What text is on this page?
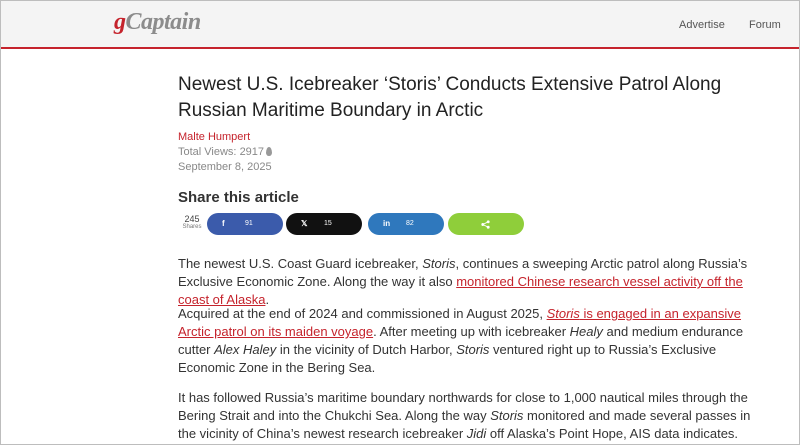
gCaptain	Advertise Forum
Newest U.S. Icebreaker ‘Storis’ Conducts Extensive Patrol Along Russian Maritime Boundary in Arctic
Malte Humpert
Total Views: 2917
September 8, 2025
Share this article
245
Shares	f	91	𝕏 15	in 82

The newest U.S. Coast Guard icebreaker, Storis, continues a sweeping Arctic patrol along Russia’s Exclusive Economic Zone. Along the way it also monitored Chinese research vessel activity off the coast of Alaska.

Acquired at the end of 2024 and commissioned in August 2025, Storis is engaged in an expansive Arctic patrol on its maiden voyage. After meeting up with icebreaker Healy and medium endurance cutter Alex Haley in the vicinity of Dutch Harbor, Storis ventured right up to Russia’s Exclusive Economic Zone in the Bering Sea.

It has followed Russia’s maritime boundary northwards for close to 1,000 nautical miles through the Bering Strait and into the Chukchi Sea. Along the way Storis monitored and made several passes in the vicinity of China’s newest research icebreaker Jidi off Alaska’s Point Hope, AIS data indicates.
